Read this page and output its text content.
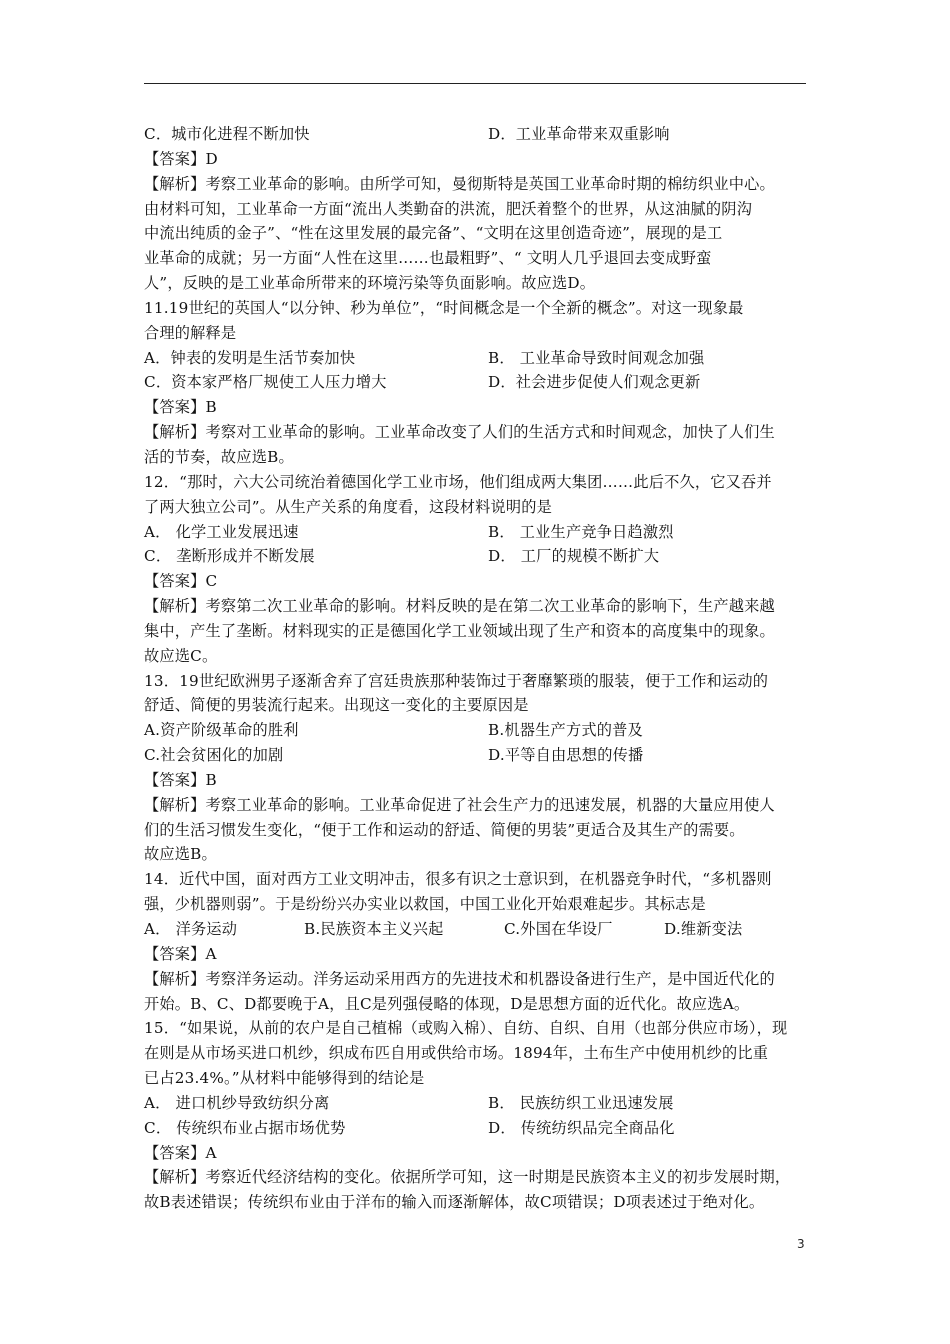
C．城市化进程不断加快	D．工业革命带来双重影响
【答案】D
【解析】考察工业革命的影响。由所学可知，曼彻斯特是英国工业革命时期的棉纺织业中心。
由材料可知，工业革命一方面“流出人类勤奋的洪流，肥沃着整个的世界，从这油腻的阴沟
中流出纯质的金子”、“性在这里发展的最完备”、“文明在这里创造奇迹”，展现的是工
业革命的成就；另一方面“人性在这里……也最粗野”、“ 文明人几乎退回去变成野蛮
人”，反映的是工业革命所带来的环境污染等负面影响。故应选D。
11.19世纪的英国人“以分钟、秒为单位”，“时间概念是一个全新的概念”。对这一现象最
合理的解释是
A．钟表的发明是生活节奏加快	B． 工业革命导致时间观念加强
C．资本家严格厂规使工人压力增大	D．社会进步促使人们观念更新
【答案】B
【解析】考察对工业革命的影响。工业革命改变了人们的生活方式和时间观念，加快了人们生
活的节奏，故应选B。
12．“那时，六大公司统治着德国化学工业市场，他们组成两大集团……此后不久，它又吞并
了两大独立公司”。从生产关系的角度看，这段材料说明的是
A． 化学工业发展迅速	B． 工业生产竞争日趋激烈
C． 垄断形成并不断发展	D． 工厂的规模不断扩大
【答案】C
【解析】考察第二次工业革命的影响。材料反映的是在第二次工业革命的影响下，生产越来越
集中，产生了垄断。材料现实的正是德国化学工业领域出现了生产和资本的高度集中的现象。
故应选C。
13．19世纪欧洲男子逐渐舍弃了宫廷贵族那种装饰过于奢靡繁琐的服装，便于工作和运动的
舒适、简便的男装流行起来。出现这一变化的主要原因是
A.资产阶级革命的胜利	B.机器生产方式的普及
C.社会贫困化的加剧	D.平等自由思想的传播
【答案】B
【解析】考察工业革命的影响。工业革命促进了社会生产力的迅速发展，机器的大量应用使人
们的生活习惯发生变化，“便于工作和运动的舒适、简便的男装”更适合及其生产的需要。
故应选B。
14．近代中国，面对西方工业文明冲击，很多有识之士意识到，在机器竞争时代，“多机器则
强，少机器则弱”。于是纷纷兴办实业以救国，中国工业化开始艰难起步。其标志是
A． 洋务运动	B.民族资本主义兴起	C.外国在华设厂	D.维新变法
【答案】A
【解析】考察洋务运动。洋务运动采用西方的先进技术和机器设备进行生产，是中国近代化的
开始。B、C、D都要晚于A，且C是列强侵略的体现，D是思想方面的近代化。故应选A。
15．“如果说，从前的农户是自己植棉（或购入棉）、自纺、自织、自用（也部分供应市场），现
在则是从市场买进口机纱，织成布匹自用或供给市场。1894年，土布生产中使用机纱的比重
已占23.4%。”从材料中能够得到的结论是
A． 进口机纱导致纺织分离	B． 民族纺织工业迅速发展
C． 传统织布业占据市场优势	D． 传统纺织品完全商品化
【答案】A
【解析】考察近代经济结构的变化。依据所学可知，这一时期是民族资本主义的初步发展时期，
故B表述错误；传统织布业由于洋布的输入而逐渐解体，故C项错误；D项表述过于绝对化。
3
